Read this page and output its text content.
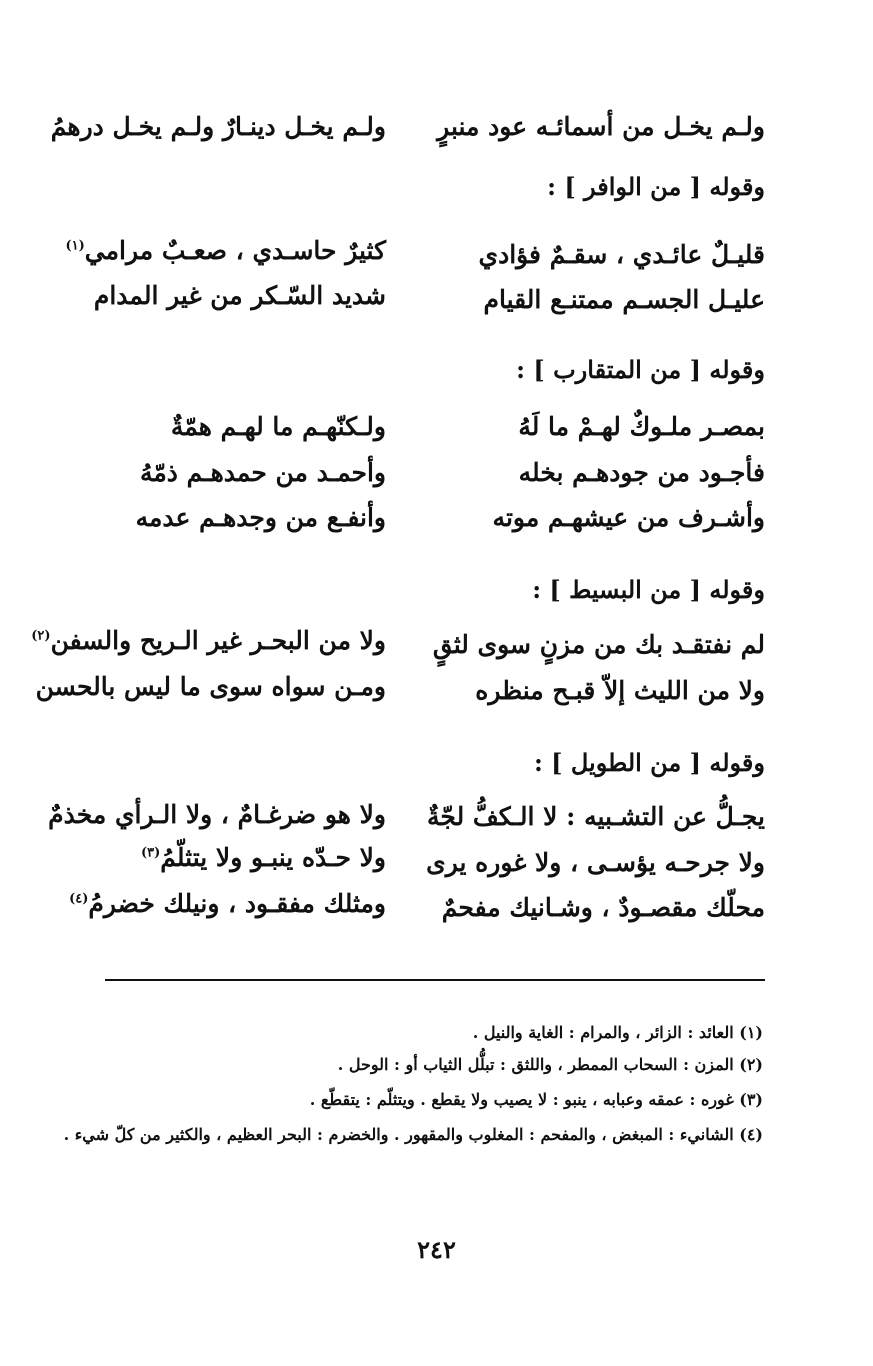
ولـم يخـل من أسمائـه عود منبرٍ
ولـم يخـل دينـارٌ ولـم يخـل درهمُ
وقوله [ من الوافر ] :
قليـلٌ عائـدي ، سقـمٌ فؤادي
كثيرٌ حاسـدي ، صعـبٌ مرامي$^{(١)}$
عليـل الجسـم ممتنـع القيام
شديد السّـكر من غير المدام
وقوله [ من المتقارب ] :
بمصـر ملـوكٌ لهـمْ ما لَهُ
ولـكنّهـم ما لهـم همّةٌ
فأجـود من جودهـم بخله
وأحمـد من حمدهـم ذمّهُ
وأشـرف من عيشهـم موته
وأنفـع من وجدهـم عدمه
وقوله [ من البسيط ] :
لم نفتقـد بك من مزنٍ سوى لثقٍ
ولا من البحـر غير الـريح والسفن$^{(٢)}$
ولا من الليث إلاّ قبـح منظره
ومـن سواه سوى ما ليس بالحسن
وقوله [ من الطويل ] :
يجـلُّ عن التشـبيه : لا الـكفُّ لجّةٌ
ولا هو ضرغـامٌ ، ولا الـرأي مخذمٌ
ولا جرحـه يؤسـى ، ولا غوره يرى
ولا حـدّه ينبـو ولا يتثلّمُ$^{(٣)}$
محلّك مقصـودٌ ، وشـانيك مفحمٌ
ومثلك مفقـود ، ونيلك خضرمُ$^{(٤)}$
(١) العائد : الزائر ، والمرام : الغاية والنيل .
(٢) المزن : السحاب الممطر ، واللثق : تبلُّل الثياب أو : الوحل .
(٣) غوره : عمقه وعبابه ، ينبو : لا يصيب ولا يقطع . ويتثلّم : يتقطّع .
(٤) الشاني‏ء : المبغض ، والمفحم : المغلوب والمقهور . والخضرم : البحر العظيم ، والكثير من كلّ شيء .
٢٤٢
